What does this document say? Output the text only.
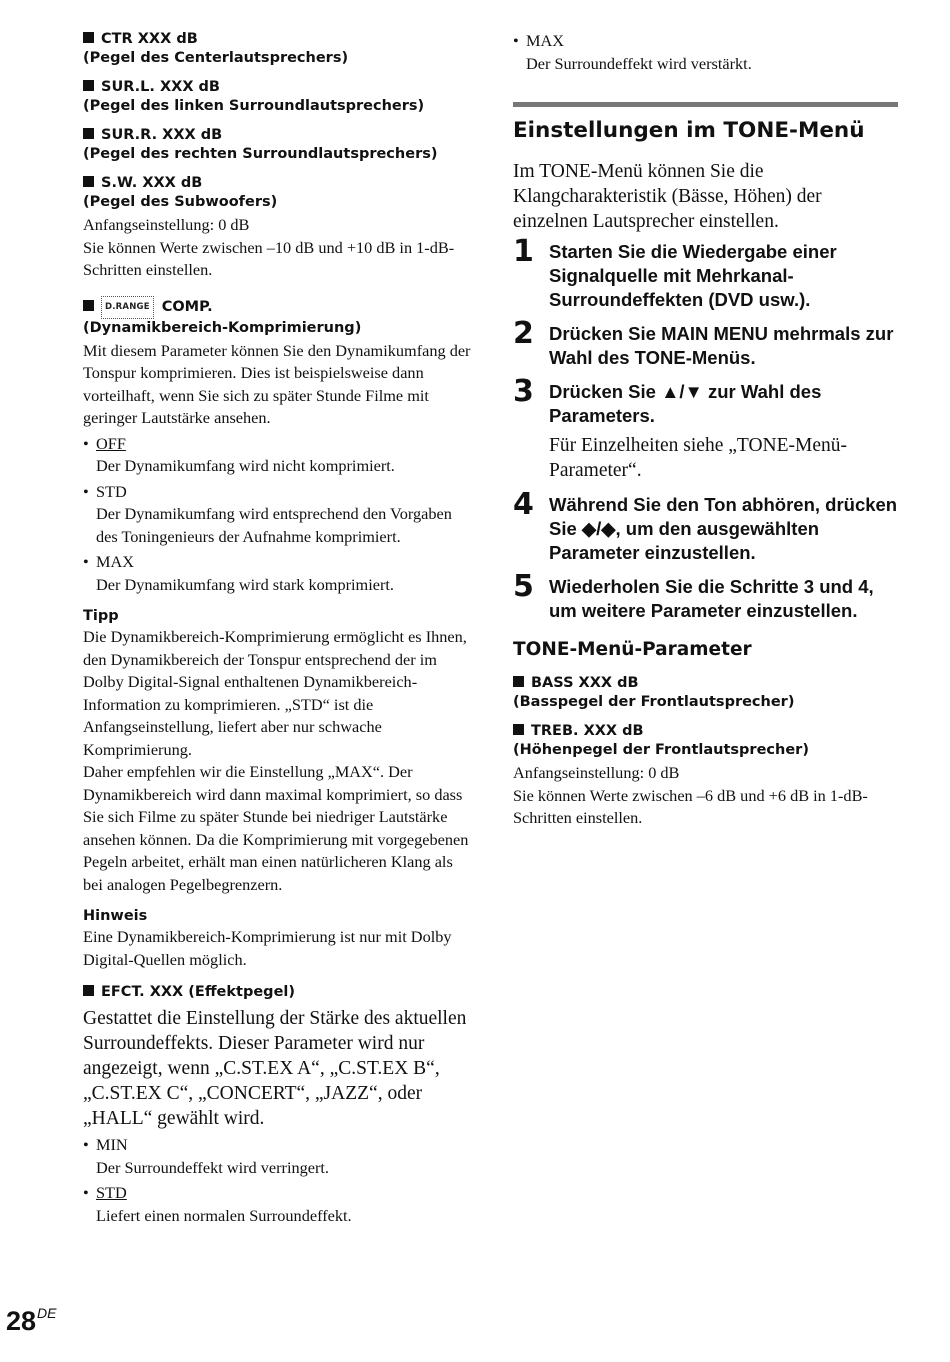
CTR XXX dB

(Pegel des Centerlautsprechers)

SUR.L. XXX dB

(Pegel des linken Surroundlautsprechers)

SUR.R. XXX dB

(Pegel des rechten Surroundlautsprechers)

S.W. XXX dB

(Pegel des Subwoofers)

Anfangseinstellung: 0 dB

Sie können Werte zwischen –10 dB und +10 dB in 1-dB-Schritten einstellen.

D.RANGE COMP.

(Dynamikbereich-Komprimierung)

Mit diesem Parameter können Sie den Dynamikumfang der Tonspur komprimieren. Dies ist beispielsweise dann vorteilhaft, wenn Sie sich zu später Stunde Filme mit geringer Lautstärke ansehen.

• OFF

Der Dynamikumfang wird nicht komprimiert.

• STD

Der Dynamikumfang wird entsprechend den Vorgaben des Toningenieurs der Aufnahme komprimiert.

• MAX

Der Dynamikumfang wird stark komprimiert.

Tipp

Die Dynamikbereich-Komprimierung ermöglicht es Ihnen, den Dynamikbereich der Tonspur entsprechend der im Dolby Digital-Signal enthaltenen Dynamikbereich-Information zu komprimieren. „STD“ ist die Anfangseinstellung, liefert aber nur schwache Komprimierung.

Daher empfehlen wir die Einstellung „MAX“. Der Dynamikbereich wird dann maximal komprimiert, so dass Sie sich Filme zu später Stunde bei niedriger Lautstärke ansehen können. Da die Komprimierung mit vorgegebenen Pegeln arbeitet, erhält man einen natürlicheren Klang als bei analogen Pegelbegrenzern.

Hinweis

Eine Dynamikbereich-Komprimierung ist nur mit Dolby Digital-Quellen möglich.

EFCT. XXX (Effektpegel)

Gestattet die Einstellung der Stärke des aktuellen Surroundeffekts. Dieser Parameter wird nur angezeigt, wenn „C.ST.EX A“, „C.ST.EX B“, „C.ST.EX C“, „CONCERT“, „JAZZ“, oder „HALL“ gewählt wird.

• MIN

Der Surroundeffekt wird verringert.

• STD

Liefert einen normalen Surroundeffekt.

• MAX

Der Surroundeffekt wird verstärkt.

Einstellungen im TONE-Menü

Im TONE-Menü können Sie die Klangcharakteristik (Bässe, Höhen) der einzelnen Lautsprecher einstellen.

1 Starten Sie die Wiedergabe einer Signalquelle mit Mehrkanal-Surroundeffekten (DVD usw.).

2 Drücken Sie MAIN MENU mehrmals zur Wahl des TONE-Menüs.

3 Drücken Sie ▲/▼ zur Wahl des Parameters.

Für Einzelheiten siehe „TONE-Menü-Parameter“.

4 Während Sie den Ton abhören, drücken Sie ◆/◆, um den ausgewählten Parameter einzustellen.

5 Wiederholen Sie die Schritte 3 und 4, um weitere Parameter einzustellen.

TONE-Menü-Parameter

BASS XXX dB

(Basspegel der Frontlautsprecher)

TREB. XXX dB

(Höhenpegel der Frontlautsprecher)

Anfangseinstellung: 0 dB

Sie können Werte zwischen –6 dB und +6 dB in 1-dB-Schritten einstellen.

28DE
